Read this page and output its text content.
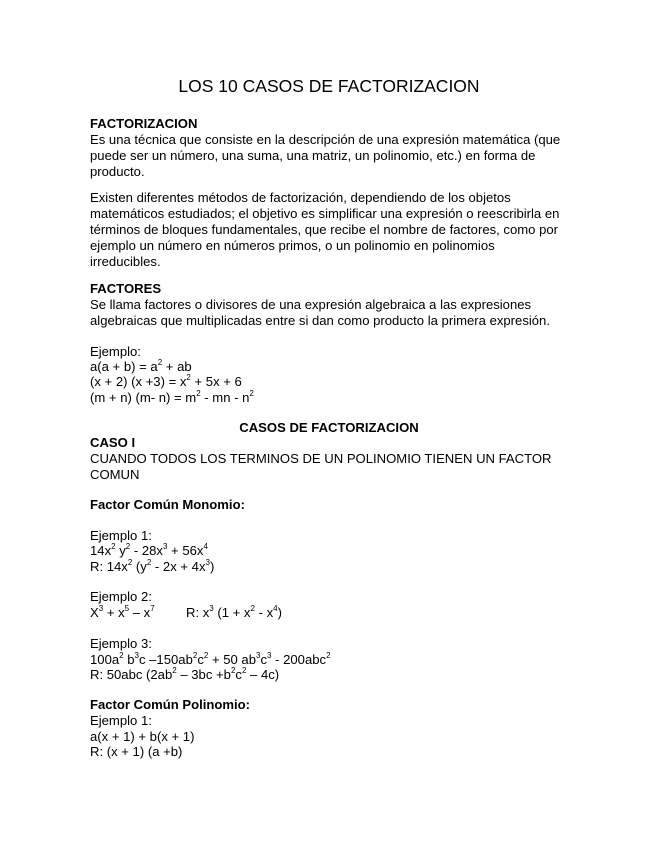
LOS 10 CASOS DE FACTORIZACION
FACTORIZACION
Es una técnica que consiste en la descripción de una expresión matemática (que
puede ser un número, una suma, una matriz, un polinomio, etc.) en forma de
producto.
Existen diferentes métodos de factorización, dependiendo de los objetos
matemáticos estudiados; el objetivo es simplificar una expresión o reescribirla en
términos de bloques fundamentales, que recibe el nombre de factores, como por
ejemplo un número en números primos, o un polinomio en polinomios
irreducibles.
FACTORES
Se llama factores o divisores de una expresión algebraica a las expresiones
algebraicas que multiplicadas entre si dan como producto la primera expresión.
Ejemplo:
$a(a + b) = a^2$ + ab
(x + 2) $(x +3) = x^2 + 5x + 6$
(m + n) (m- $n) = m^2$ - mn - $n^2$
CASOS DE FACTORIZACION
CASO I
CUANDO TODOS LOS TERMINOS DE UN POLINOMIO TIENEN UN FACTOR
COMUN
Factor Común Monomio:
Ejemplo 1:
$14x^2$ $y^2 - 28x^3 + 56x^4$
R: $14x^2$ $(y^2 - 2x + 4x^3)$
Ejemplo 2:
$X^3 + x^5 - x^7$ R: $x^3$ $(1 + x^2 - x^4)$
Ejemplo 3:
$100a^2$ $b^3c$ $-150ab^2c^2 + 50$ $ab^3c^3 - 200abc^2$
R: 50abc $(2ab^2 - 3bc +b^2c^2 - 4c)$
Factor Común Polinomio:
Ejemplo 1:
a(x + 1) + b(x + 1)
R: (x + 1) (a +b)
